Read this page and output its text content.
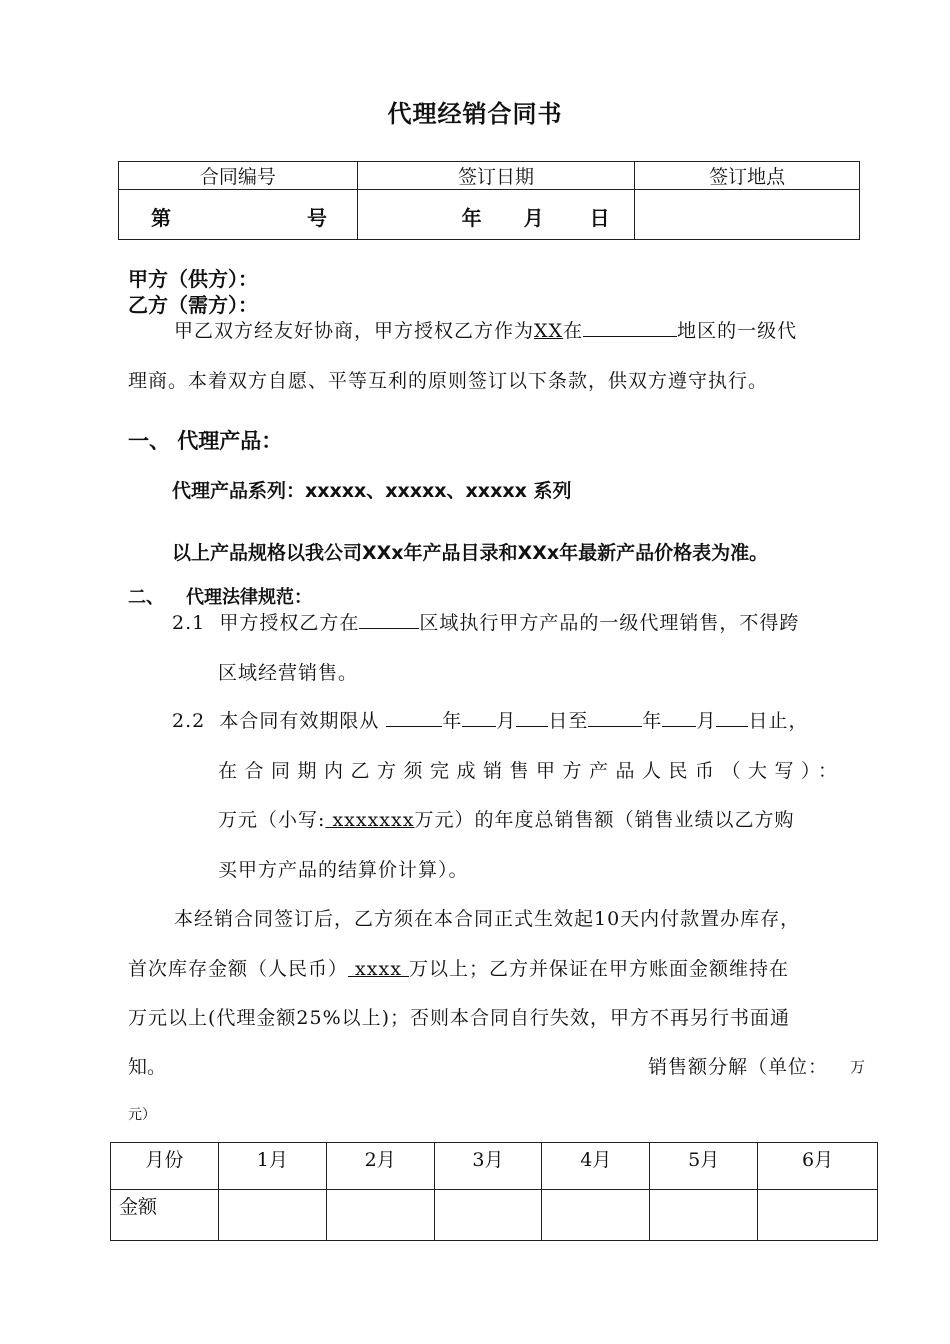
代理经销合同书
合同编号	签订日期	签订地点

第 号	年 月 日	

甲方（供方）：
乙方（需方）：
甲乙双方经友好协商，甲方授权乙方作为XX在	地区的一级代
理商。本着双方自愿、平等互利的原则签订以下条款，供双方遵守执行。
一、 代理产品：
代理产品系列：xxxxx、xxxxx、xxxxx 系列
以上产品规格以我公司XXx年产品目录和XXx年最新产品价格表为准。
二、 代理法律规范：
2.1 甲方授权乙方在	区域执行甲方产品的一级代理销售，不得跨
区域经营销售。
2.2 本合同有效期限从	年 月 日至	年 月 日止，
在合同期内乙方须完成销售甲方产品人民币（大写）：
万元（小写: xxxxxxx万元）的年度总销售额（销售业绩以乙方购
买甲方产品的结算价计算）。
本经销合同签订后，乙方须在本合同正式生效起10天内付款置办库存，
首次库存金额（人民币） xxxx 万以上；乙方并保证在甲方账面金额维持在
万元以上(代理金额25%以上)；否则本合同自行失效，甲方不再另行书面通
知。	销售额分解（单位： 万
元）
月份	1月	2月	3月	4月	5月	6月
金额						
